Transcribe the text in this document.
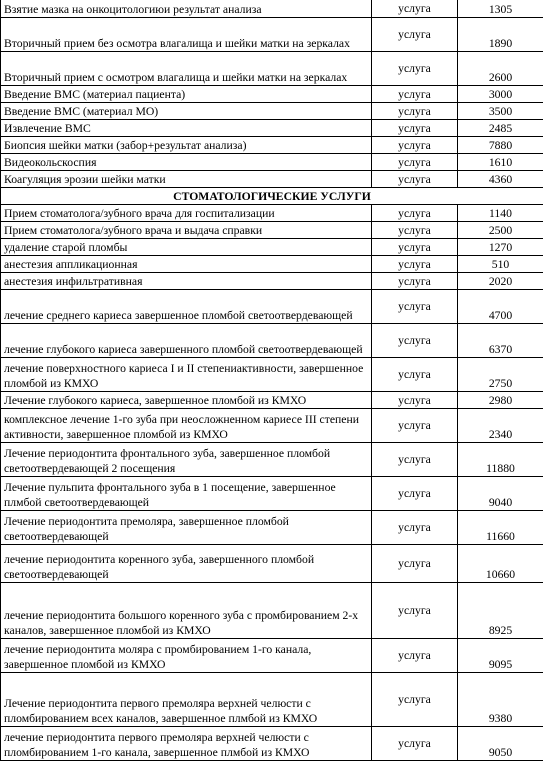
Взятие мазка на онкоцитологиюи результат анализа	услуга	1305
Вторичный прием без осмотра влагалища и шейки матки на зеркалах	услуга	1890
Вторичный прием с осмотром влагалища и шейки матки на зеркалах	услуга	2600
Введение ВМС (материал пациента)	услуга	3000
Введение ВМС (материал МО)	услуга	3500
Извлечение ВМС	услуга	2485
Биопсия шейки матки (забор+результат анализа)	услуга	7880
Видеокольскоспия	услуга	1610
Коагуляция эрозии шейки матки	услуга	4360
СТОМАТОЛОГИЧЕСКИЕ УСЛУГИ		
Прием стоматолога/зубного врача для госпитализации	услуга	1140
Прием стоматолога/зубного врача и выдача справки	услуга	2500
удаление старой пломбы	услуга	1270
анестезия аппликационная	услуга	510
анестезия инфильтративная	услуга	2020
лечение среднего кариеса завершенное пломбой светоотвердевающей	услуга	4700
лечение глубокого кариеса завершенного пломбой светоотвердевающей	услуга	6370
лечение поверхностного кариеса I и II степениактивности, завершенное пломбой из КМХО	услуга	2750
Лечение глубокого кариеса, завершенное пломбой из КМХО	услуга	2980
комплексное лечение 1-го зуба при неосложненном кариесе III степени активности, завершенное пломбой из КМХО	услуга	2340
Лечение периодонтита фронтального зуба, завершенное пломбой светоотвердевающей 2 посещения	услуга	11880
Лечение пульпита фронтального зуба в 1 посещение, завершенное плмбой светоотвердевающей	услуга	9040
Лечение периодонтита премоляра, завершенное пломбой светоотвердевающей	услуга	11660
лечение периодонтита коренного зуба, завершенного пломбой светоотвердевающей	услуга	10660
лечение периодонтита большого коренного зуба с промбированием 2-х каналов, завершенное пломбой из КМХО	услуга	8925
лечение периодонтита моляра с промбированием 1-го канала, завершенное пломбой из КМХО	услуга	9095
Лечение периодонтита первого премоляра верхней челюсти с пломбированием всех каналов, завершенное плмбой из КМХО	услуга	9380
лечение периодонтита первого премоляра верхней челюсти с пломбированием 1-го канала, завершенное плмбой из КМХО	услуга	9050
